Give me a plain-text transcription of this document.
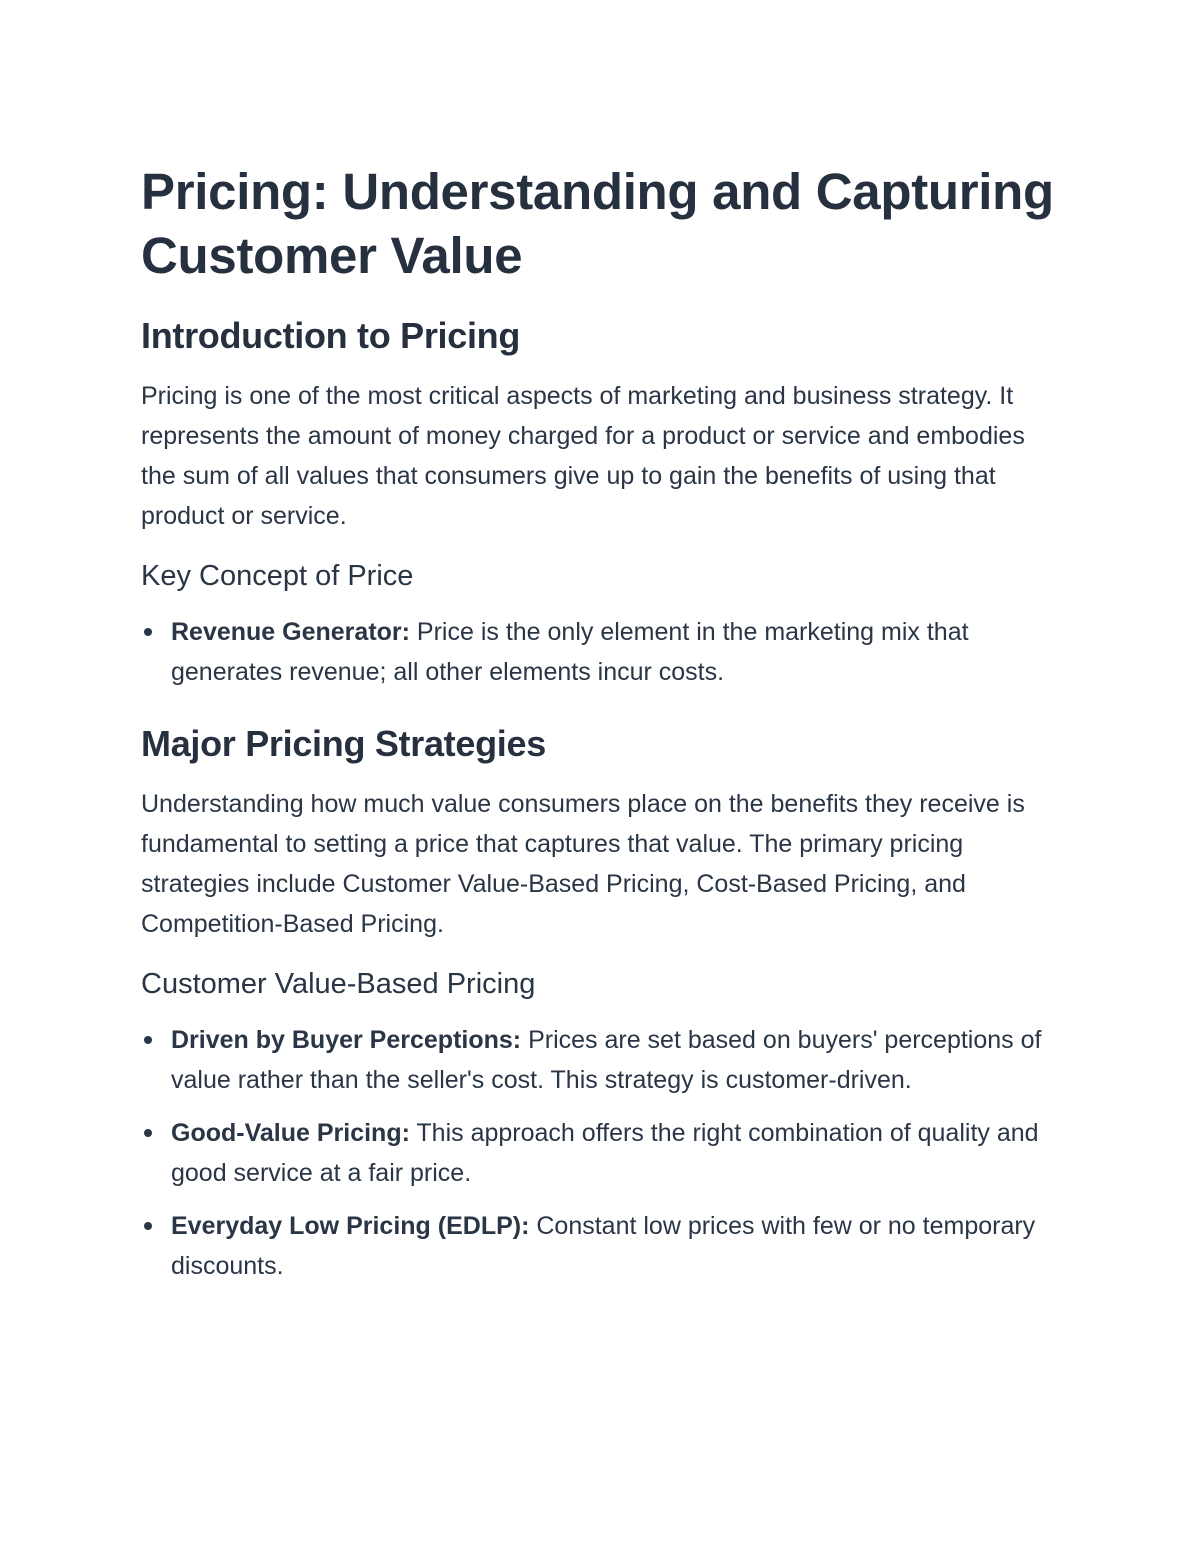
Pricing: Understanding and Capturing Customer Value
Introduction to Pricing

Pricing is one of the most critical aspects of marketing and business strategy. It represents the amount of money charged for a product or service and embodies the sum of all values that consumers give up to gain the benefits of using that product or service.

Key Concept of Price
Revenue Generator: Price is the only element in the marketing mix that generates revenue; all other elements incur costs.
Major Pricing Strategies

Understanding how much value consumers place on the benefits they receive is fundamental to setting a price that captures that value. The primary pricing strategies include Customer Value-Based Pricing, Cost-Based Pricing, and Competition-Based Pricing.

Customer Value-Based Pricing
Driven by Buyer Perceptions: Prices are set based on buyers' perceptions of value rather than the seller's cost. This strategy is customer-driven.
Good-Value Pricing: This approach offers the right combination of quality and good service at a fair price.
Everyday Low Pricing (EDLP): Constant low prices with few or no temporary discounts.
